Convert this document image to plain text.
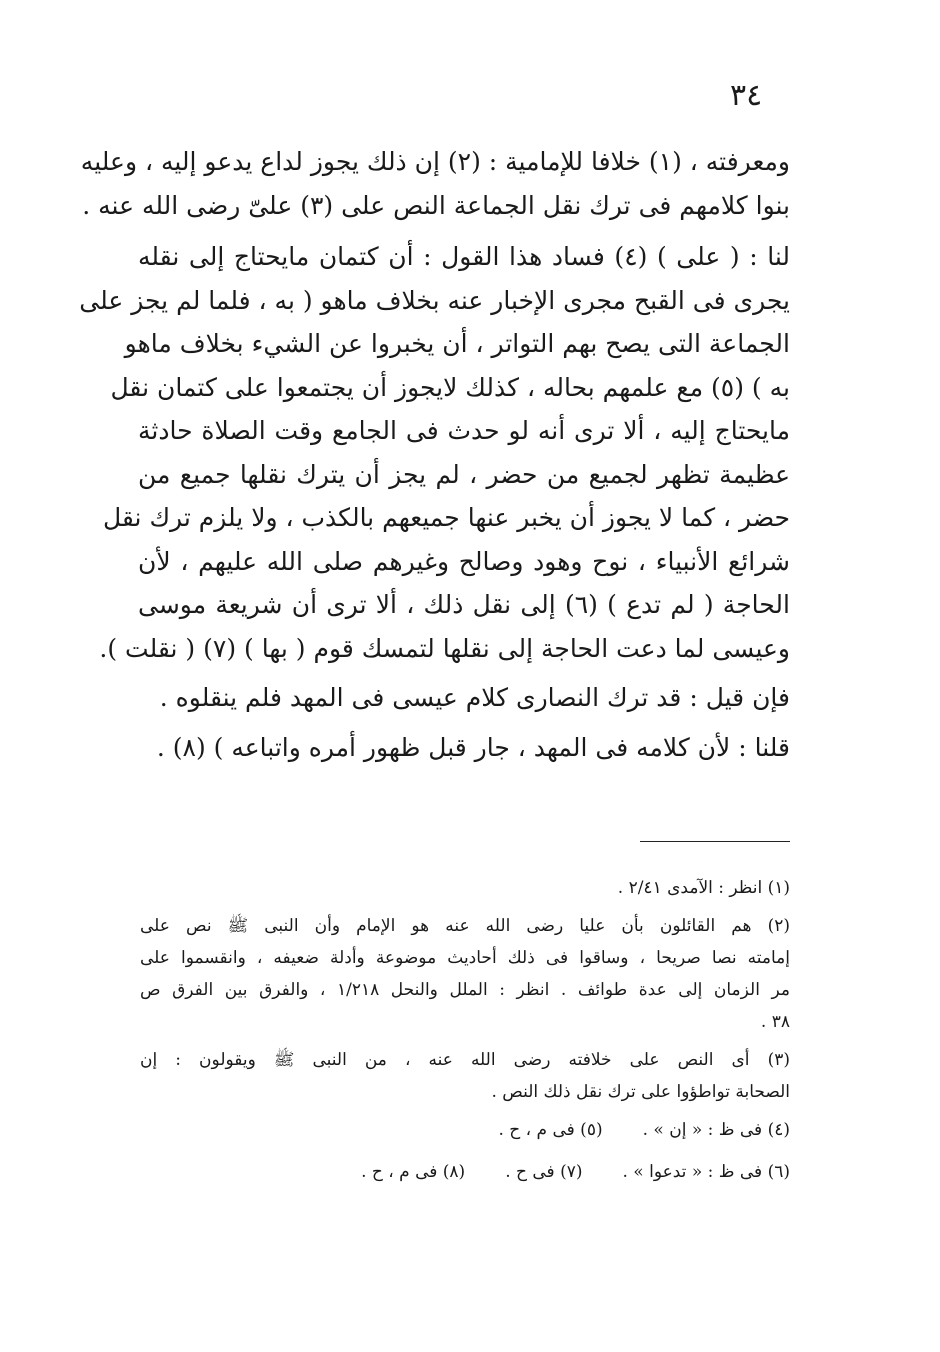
٣٤

ومعرفته ، (١) خلافا للإمامية : (٢) إن ذلك يجوز لداع يدعو إليه ، وعليه
بنوا كلامهم فى ترك نقل الجماعة النص على (٣) علىّ رضى الله عنه .

لنا : ( على ) (٤) فساد هذا القول : أن كتمان مايحتاج إلى نقله
يجرى فى القبح مجرى الإخبار عنه بخلاف ماهو ( به ، فلما لم يجز على
الجماعة التى يصح بهم التواتر ، أن يخبروا عن الشيء بخلاف ماهو
به ) (٥) مع علمهم بحاله ، كذلك لايجوز أن يجتمعوا على كتمان نقل
مايحتاج إليه ، ألا ترى أنه لو حدث فى الجامع وقت الصلاة حادثة
عظيمة تظهر لجميع من حضر ، لم يجز أن يترك نقلها جميع من
حضر ، كما لا يجوز أن يخبر عنها جميعهم بالكذب ، ولا يلزم ترك نقل
شرائع الأنبياء ، نوح وهود وصالح وغيرهم صلى الله عليهم ، لأن
الحاجة ( لم تدع ) (٦) إلى نقل ذلك ، ألا ترى أن شريعة موسى
وعيسى لما دعت الحاجة إلى نقلها لتمسك قوم ( بها ) (٧) ( نقلت ).

فإن قيل : قد ترك النصارى كلام عيسى فى المهد فلم ينقلوه .

قلنا : لأن كلامه فى المهد ، جار قبل ظهور أمره واتباعه ) (٨) .

(١) انظر : الآمدى ٢/٤١ .

(٢) هم القائلون بأن عليا رضى الله عنه هو الإمام وأن النبى ﷺ نص على
إمامته نصا صريحا ، وساقوا فى ذلك أحاديث موضوعة وأدلة ضعيفه ، وانقسموا على
مر الزمان إلى عدة طوائف . انظر : الملل والنحل ١/٢١٨ ، والفرق بين الفرق ص
٣٨ .

(٣) أى النص على خلافته رضى الله عنه ، من النبى ﷺ ويقولون : إن
الصحابة تواطؤوا على ترك نقل ذلك النص .

(٤) فى ظ : « إن » .
(٥) فى م ، ح .
(٦) فى ظ : « تدعوا » .
(٧) فى ح .
(٨) فى م ، ح .
